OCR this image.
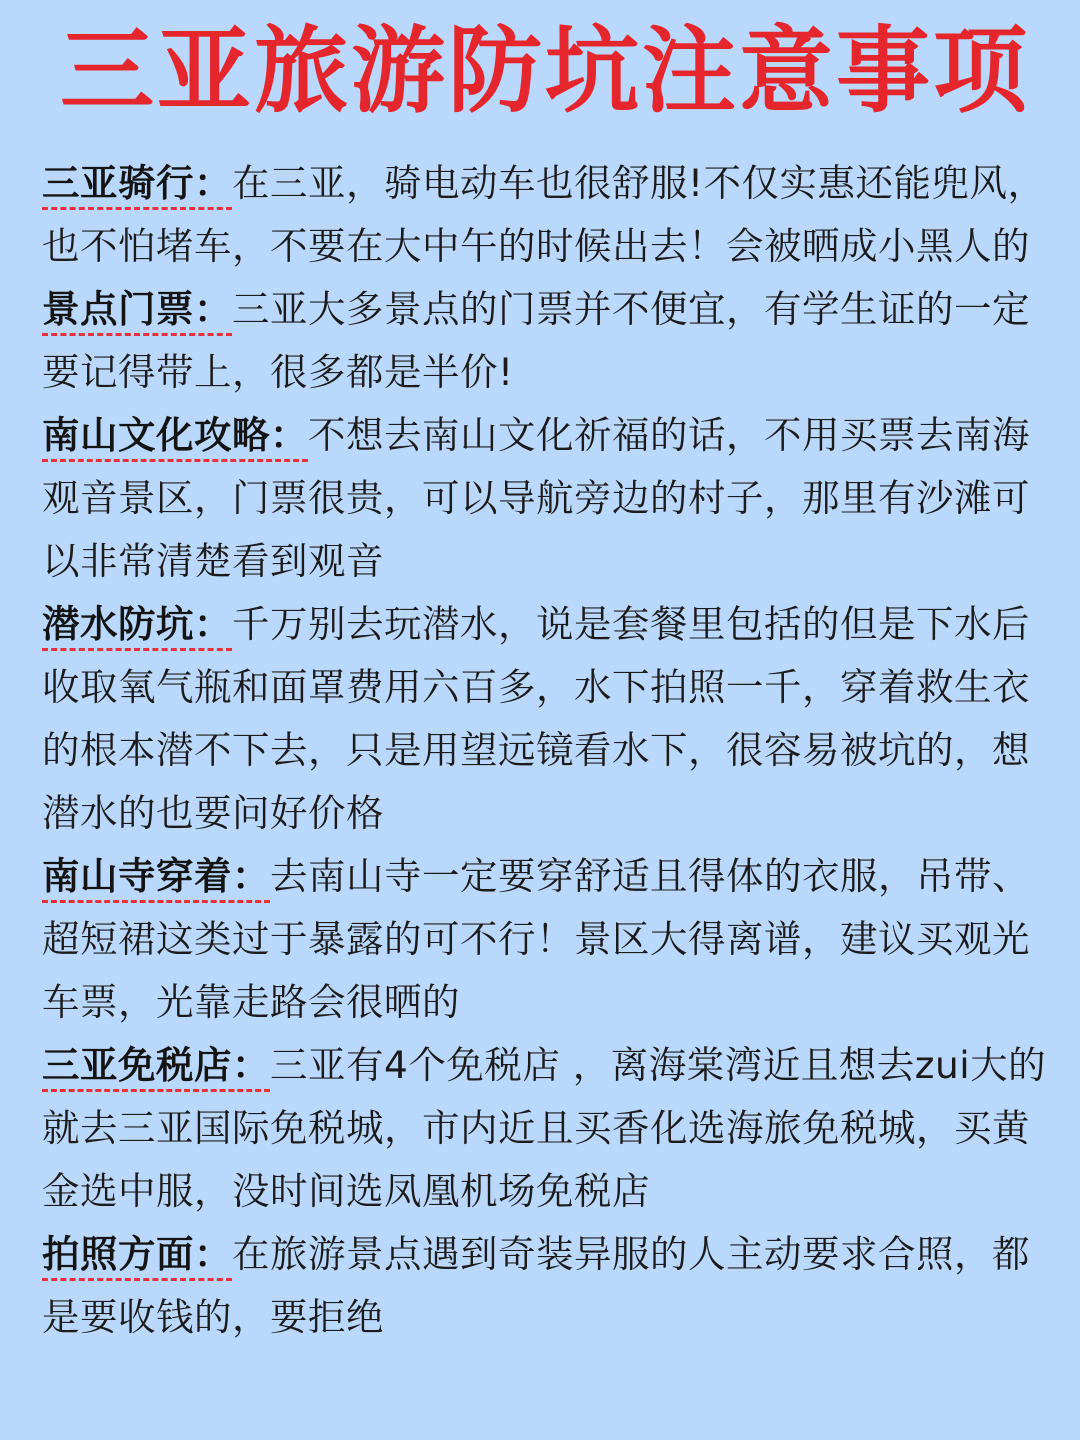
三亚旅游防坑注意事项
三亚骑行：在三亚，骑电动车也很舒服!不仅实惠还能兜风，也不怕堵车，不要在大中午的时候出去！会被晒成小黑人的
景点门票：三亚大多景点的门票并不便宜，有学生证的一定要记得带上，很多都是半价!
南山文化攻略：不想去南山文化祈福的话，不用买票去南海观音景区，门票很贵，可以导航旁边的村子，那里有沙滩可以非常清楚看到观音
潜水防坑：千万别去玩潜水，说是套餐里包括的但是下水后收取氧气瓶和面罩费用六百多，水下拍照一千，穿着救生衣的根本潜不下去，只是用望远镜看水下，很容易被坑的，想潜水的也要问好价格
南山寺穿着：去南山寺一定要穿舒适且得体的衣服，吊带、超短裙这类过于暴露的可不行！景区大得离谱，建议买观光车票，光靠走路会很晒的
三亚免税店：三亚有4个免税店 ，离海棠湾近且想去zui大的就去三亚国际免税城，市内近且买香化选海旅免税城，买黄金选中服，没时间选凤凰机场免税店
拍照方面：在旅游景点遇到奇装异服的人主动要求合照，都是要收钱的，要拒绝
